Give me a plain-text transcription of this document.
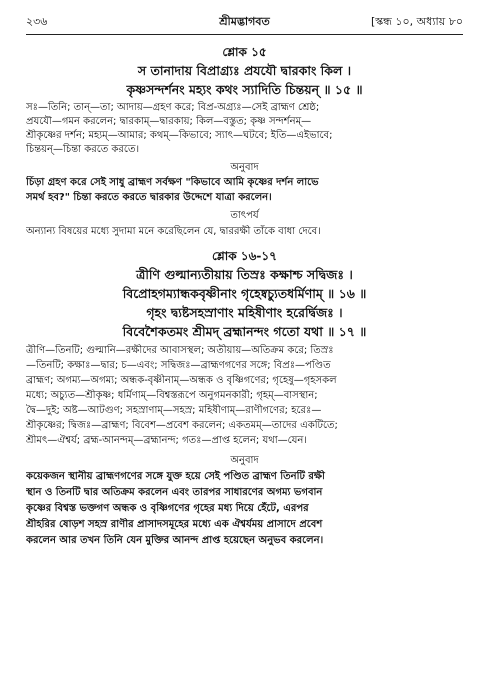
২৩৬	শ্রীমদ্ভাগবত	[স্কন্ধ ১০, অধ্যায় ৮০
শ্লোক ১৫
স তানাদায় বিপ্রাগ্র্যঃ প্রযযৌ দ্বারকাং কিল ।
কৃষ্ণসন্দর্শনং মহ্যং কথং স্যাদিতি চিন্তয়ন্ ॥ ১৫ ॥
সঃ—তিনি; তান্—তা; আদায়—গ্রহণ করে; বিপ্র-অগ্র্যঃ—সেই ব্রাহ্মণ শ্রেষ্ঠ;
প্রযযৌ—গমন করলেন; দ্বারকাম্—দ্বারকায়; কিল—বস্তুত; কৃষ্ণ সন্দর্শনম্—
শ্রীকৃষ্ণের দর্শন; মহ্যম্—আমার; কথম্—কিভাবে; স্যাৎ—ঘটবে; ইতি—এইভাবে;
চিন্তয়ন্—চিন্তা করতে করতে।
অনুবাদ
চিঁড়া গ্রহণ করে সেই সাধু ব্রাহ্মণ সর্বক্ষণ "কিভাবে আমি কৃষ্ণের দর্শন লাভে
সমর্থ হব?" চিন্তা করতে করতে দ্বারকার উদ্দেশে যাত্রা করলেন।
তাৎপর্য
অন্যান্য বিষয়ের মধ্যে সুদামা মনে করেছিলেন যে, দ্বাররক্ষী তাঁকে বাধা দেবে।
শ্লোক ১৬-১৭
ত্রীণি গুল্মান্যতীয়ায় তিস্রঃ কক্ষাশ্চ সদ্বিজঃ ।
বিপ্রোহগম্যান্ধকবৃষ্ণীনাং গৃহেষ্বচ্যুতধর্মিণাম্ ॥ ১৬ ॥
গৃহং দ্ব্যষ্টসহস্রাণাং মহিষীণাং হরের্দ্বিজঃ ।
বিবেশৈকতমং শ্রীমদ্ ব্রহ্মানন্দং গতো যথা ॥ ১৭ ॥
ত্রীণি—তিনটি; গুল্মানি—রক্ষীদের আবাসস্থল; অতীয়ায়—অতিক্রম করে; তিস্রঃ
—তিনটি; কক্ষাঃ—দ্বার; চ—এবং; সদ্বিজঃ—ব্রাহ্মণগণের সঙ্গে; বিপ্রঃ—পণ্ডিত
ব্রাহ্মণ; অগম্য—অগম্য; অন্ধক-বৃষ্ণীনাম্—অন্ধক ও বৃষ্ণিগণের; গৃহেষু—গৃহসকল
মধ্যে; অচ্যুত—শ্রীকৃষ্ণ; ধর্মিণাম্—বিশ্বস্তরূপে অনুগমনকারী; গৃহম্—বাসস্থান;
দ্বৈ—দুই; অষ্ট—আটগুণ; সহস্রাণাম্—সহস্র; মহিষীণাম্—রাণীগণের; হরেঃ—
শ্রীকৃষ্ণের; দ্বিজঃ—ব্রাহ্মণ; বিবেশ—প্রবেশ করলেন; একতমম্—তাদের একটিতে;
শ্রীমৎ—ঐশ্বর্য; ব্রহ্ম-আনন্দম্—ব্রহ্মানন্দ; গতঃ—প্রাপ্ত হলেন; যথা—যেন।
অনুবাদ
কয়েকজন স্থানীয় ব্রাহ্মণগণের সঙ্গে যুক্ত হয়ে সেই পণ্ডিত ব্রাহ্মণ তিনটি রক্ষী
স্থান ও তিনটি দ্বার অতিক্রম করলেন এবং তারপর সাধারণের অগম্য ভগবান
কৃষ্ণের বিশ্বস্ত ভক্তগণ অন্ধক ও বৃষ্ণিগণের গৃহের মধ্য দিয়ে হেঁটে, এরপর
শ্রীহরির ষোড়শ সহস্র রাণীর প্রাসাদসমূহের মধ্যে এক ঐশ্বর্যময় প্রাসাদে প্রবেশ
করলেন আর তখন তিনি যেন মুক্তির আনন্দ প্রাপ্ত হয়েছেন অনুভব করলেন।
